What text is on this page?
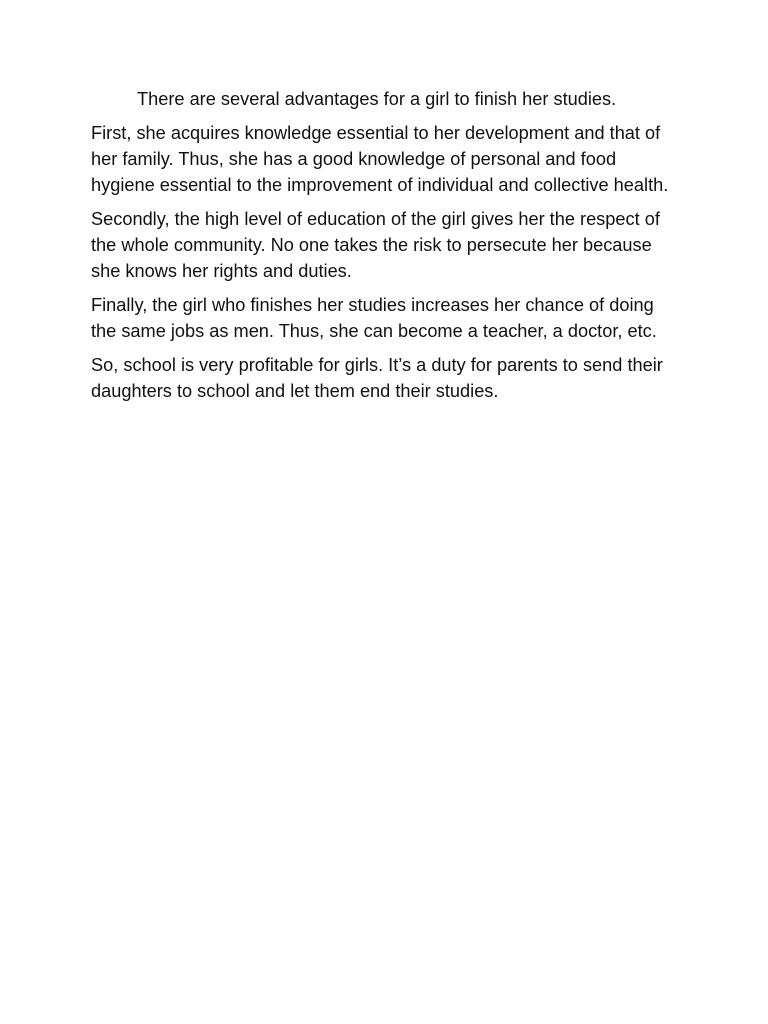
There are several advantages for a girl to finish her studies.

First, she acquires knowledge essential to her development and that of her family. Thus, she has a good knowledge of personal and food hygiene essential to the improvement of individual and collective health.

Secondly, the high level of education of the girl gives her the respect of the whole community. No one takes the risk to persecute her because she knows her rights and duties.

Finally, the girl who finishes her studies increases her chance of doing the same jobs as men. Thus, she can become a teacher, a doctor, etc.

So, school is very profitable for girls. It’s a duty for parents to send their daughters to school and let them end their studies.
